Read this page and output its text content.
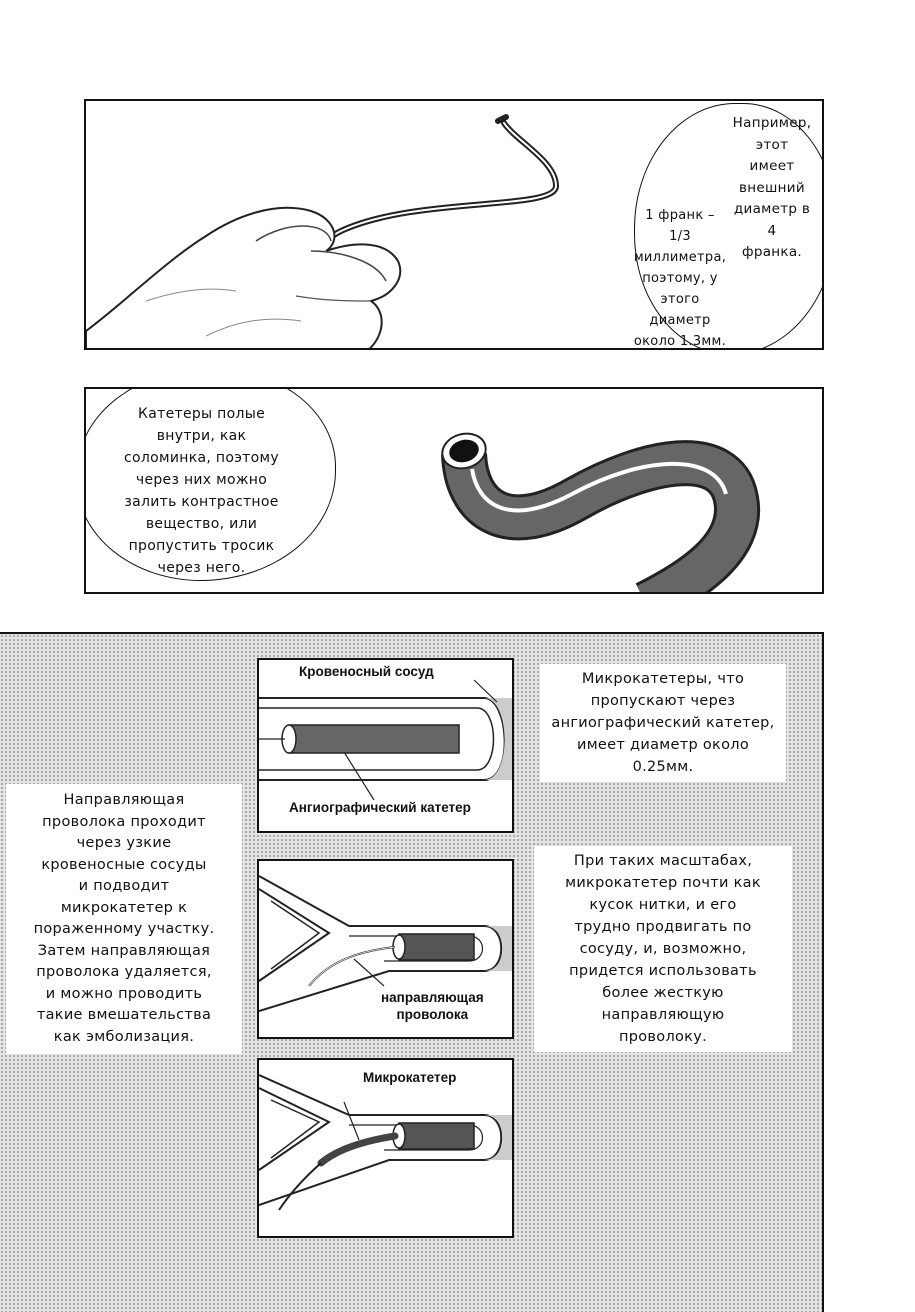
Например,
этот
имеет
внешний
диаметр в
4
франка.
1 франк –
1/3
миллиметра,
поэтому, у
этого
диаметр
около 1.3мм.
Катетеры полые
внутри, как
соломинка, поэтому
через них можно
залить контрастное
вещество, или
пропустить тросик
через него.
Направляющая
проволока проходит
через узкие
кровеносные сосуды
и подводит
микрокатетер к
пораженному участку.
Затем направляющая
проволока удаляется,
и можно проводить
такие вмешательства
как эмболизация.
Микрокатетеры, что
пропускают через
ангиографический катетер,
имеет диаметр около
0.25мм.
При таких масштабах,
микрокатетер почти как
кусок нитки, и его
трудно продвигать по
сосуду, и, возможно,
придется использовать
более жесткую
направляющую
проволоку.
Кровеносный сосуд
Ангиографический катетер
направляющая
проволока
Микрокатетер
